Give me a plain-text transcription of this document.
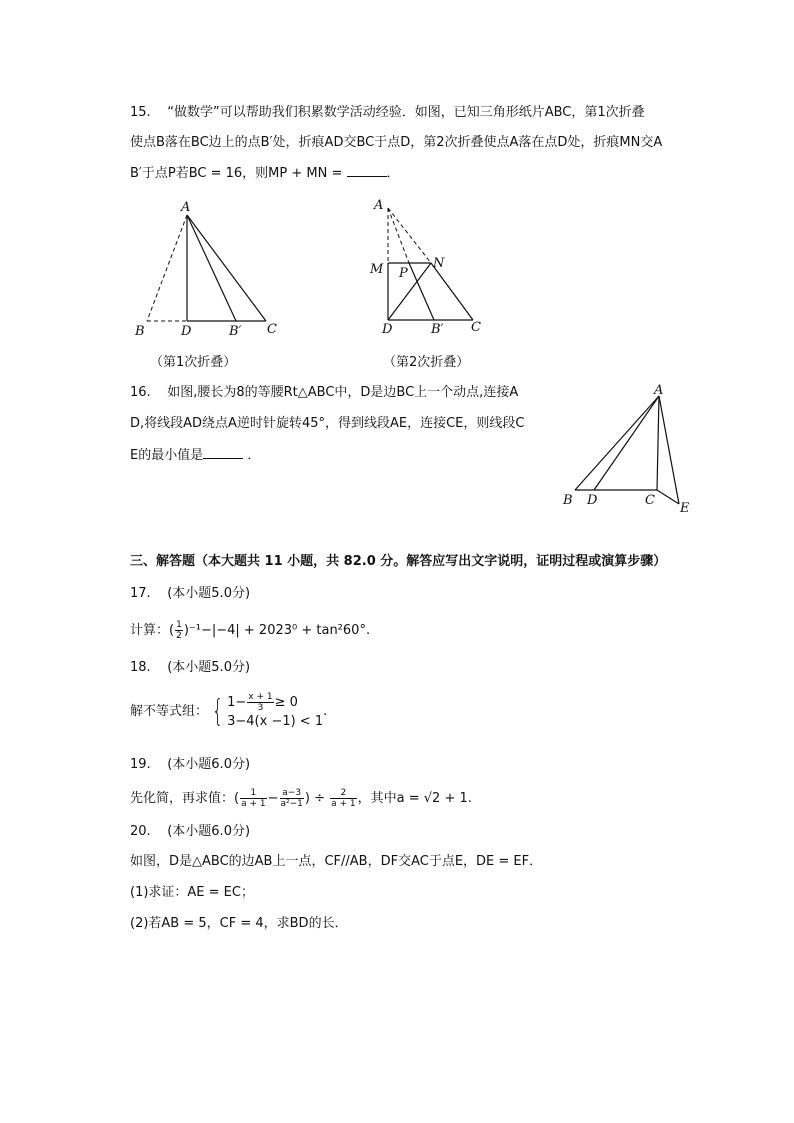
15. “做数学”可以帮助我们积累数学活动经验．如图，已知三角形纸片ABC，第1次折叠
使点B落在BC边上的点B′处，折痕AD交BC于点D，第2次折叠使点A落在点D处，折痕MN交A
B′于点P若BC = 16，则MP + MN =	．
A
B	D	B′ C
（第1次折叠）
A
M P
N
D	B′ C
（第2次折叠）
16. 如图,腰长为8的等腰Rt△ABC中，D是边BC上一个动点,连接A
D,将线段AD绕点A逆时针旋转45°，得到线段AE，连接CE，则线段C
E的最小值是	．
A
B D	C
E
三、解答题（本大题共 11 小题，共 82.0 分。解答应写出文字说明，证明过程或演算步骤）
17. (本小题5.0分)
计算：( $\frac{1}{2} )^{-1}-|-4| + 2023^0 + \tan^260^\circ$.
18. (本小题5.0分)
解不等式组： { $1- \frac{x + 1}{3} \ge 0$
3−4(x −1) < 1
.
19. (本小题6.0分)
先化简，再求值：( $\frac{1}{a + 1} - \frac{a-3}{\text{a²−1}}$ ) ÷ $\frac{2}{a + 1}$ ，其中a = √2 + 1.
20. (本小题6.0分)
如图，D是△ABC的边AB上一点，CF//AB，DF交AC于点E，DE = EF．
(1)求证：AE = EC；
(2)若AB = 5，CF = 4，求BD的长．
